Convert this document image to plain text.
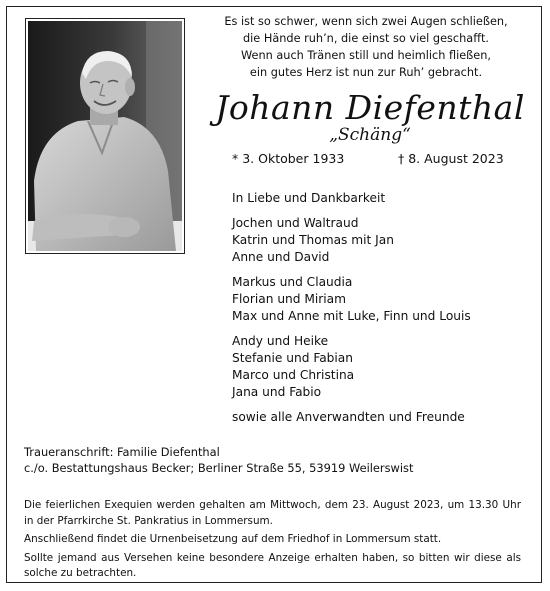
Es ist so schwer, wenn sich zwei Augen schließen,
die Hände ruh’n, die einst so viel geschafft.
Wenn auch Tränen still und heimlich fließen,
ein gutes Herz ist nun zur Ruh’ gebracht.
Johann Diefenthal
„Schäng“
* 3. Oktober 1933	† 8. August 2023
In Liebe und Dankbarkeit
Jochen und Waltraud
Katrin und Thomas mit Jan
Anne und David
Markus und Claudia
Florian und Miriam
Max und Anne mit Luke, Finn und Louis
Andy und Heike
Stefanie und Fabian
Marco und Christina
Jana und Fabio
sowie alle Anverwandten und Freunde
Traueranschrift: Familie Diefenthal
c./o. Bestattungshaus Becker; Berliner Straße 55, 53919 Weilerswist

Die feierlichen Exequien werden gehalten am Mittwoch, dem 23. August 2023, um 13.30 Uhr in der Pfarrkirche St. Pankratius in Lommersum.

Anschließend findet die Urnenbeisetzung auf dem Friedhof in Lommersum statt.

Sollte jemand aus Versehen keine besondere Anzeige erhalten haben, so bitten wir diese als solche zu betrachten.
